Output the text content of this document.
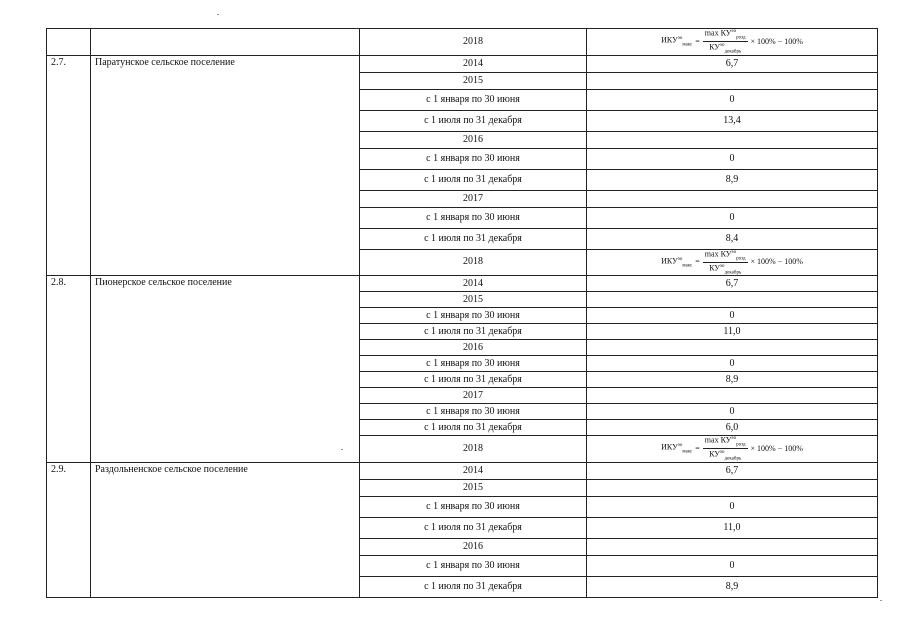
		2018	$ИКУ^{эо}_{макс} = \frac{\max КУ^{эо}_{розд}}{КУ^{эо}_{декабрь}} \times 100\% - 100\%$

2.7.	Паратунское сельское поселение	2014	6,7
		2015	
		с 1 января по 30 июня	0
		с 1 июля по 31 декабря	13,4
		2016	
		с 1 января по 30 июня	0
		с 1 июля по 31 декабря	8,9
		2017	
		с 1 января по 30 июня	0
		с 1 июля по 31 декабря	8,4
		2018	$ИКУ^{эо}_{макс} = \frac{\max КУ^{эо}_{розд}}{КУ^{эо}_{декабрь}} \times 100\% - 100\%$

2.8.	Пионерское сельское поселение	2014	6,7
		2015	
		с 1 января по 30 июня	0
		с 1 июля по 31 декабря	11,0
		2016	
		с 1 января по 30 июня	0
		с 1 июля по 31 декабря	8,9
		2017	
		с 1 января по 30 июня	0
		с 1 июля по 31 декабря	6,0
		2018	$ИКУ^{эо}_{макс} = \frac{\max КУ^{эо}_{розд}}{КУ^{эо}_{декабрь}} \times 100\% - 100\%$

2.9.	Раздольненское сельское поселение	2014	6,7
		2015	
		с 1 января по 30 июня	0
		с 1 июля по 31 декабря	11,0
		2016	
		с 1 января по 30 июня	0
		с 1 июля по 31 декабря	8,9
